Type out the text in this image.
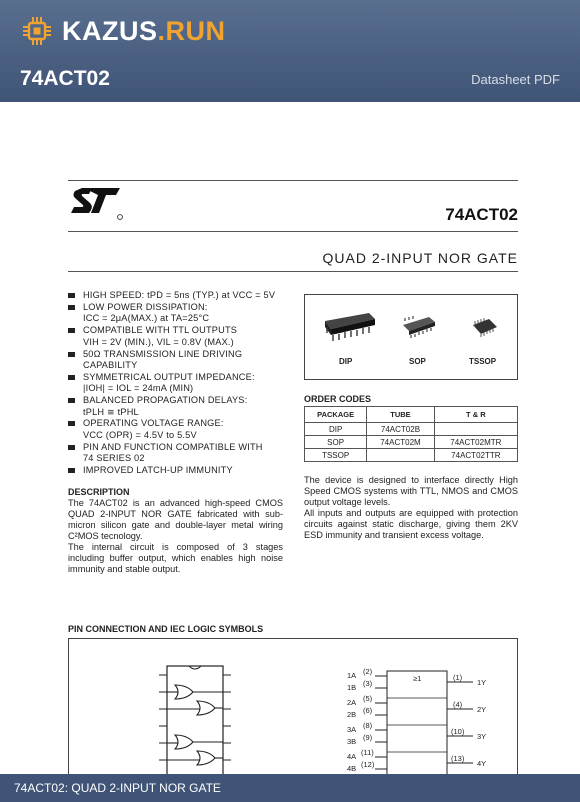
KAZUS.RUN
74ACT02	Datasheet PDF
74ACT02
QUAD 2-INPUT NOR GATE
HIGH SPEED: tPD = 5ns (TYP.) at VCC = 5V
LOW POWER DISSIPATION:
ICC = 2μA(MAX.) at TA=25°C
COMPATIBLE WITH TTL OUTPUTS
VIH = 2V (MIN.), VIL = 0.8V (MAX.)
50Ω TRANSMISSION LINE DRIVING
CAPABILITY
SYMMETRICAL OUTPUT IMPEDANCE:
|IOH| = IOL = 24mA (MIN)
BALANCED PROPAGATION DELAYS:
tPLH ≅ tPHL
OPERATING VOLTAGE RANGE:
VCC (OPR) = 4.5V to 5.5V
PIN AND FUNCTION COMPATIBLE WITH
74 SERIES 02
IMPROVED LATCH-UP IMMUNITY
DESCRIPTION

The 74ACT02 is an advanced high-speed CMOS QUAD 2-INPUT NOR GATE fabricated with sub-micron silicon gate and double-layer metal wiring C²MOS tecnology.

The internal circuit is composed of 3 stages including buffer output, which enables high noise immunity and stable output.

DIP	SOP	TSSOP
ORDER CODES
PACKAGE	TUBE	T & R
DIP	74ACT02B	
SOP	74ACT02M	74ACT02MTR
TSSOP		74ACT02TTR

The device is designed to interface directly High Speed CMOS systems with TTL, NMOS and CMOS output voltage levels.

All inputs and outputs are equipped with protection circuits against static discharge, giving them 2KV ESD immunity and transient excess voltage.

PIN CONNECTION AND IEC LOGIC SYMBOLS
≥1
1A
1B
2A
2B
3A
3B
4A
4B
(2)
(3)
(5)
(6)
(8)
(9)
(11)
(12)
(1)
(4)
(10)
(13)
1Y
2Y
3Y
4Y
74ACT02: QUAD 2-INPUT NOR GATE
